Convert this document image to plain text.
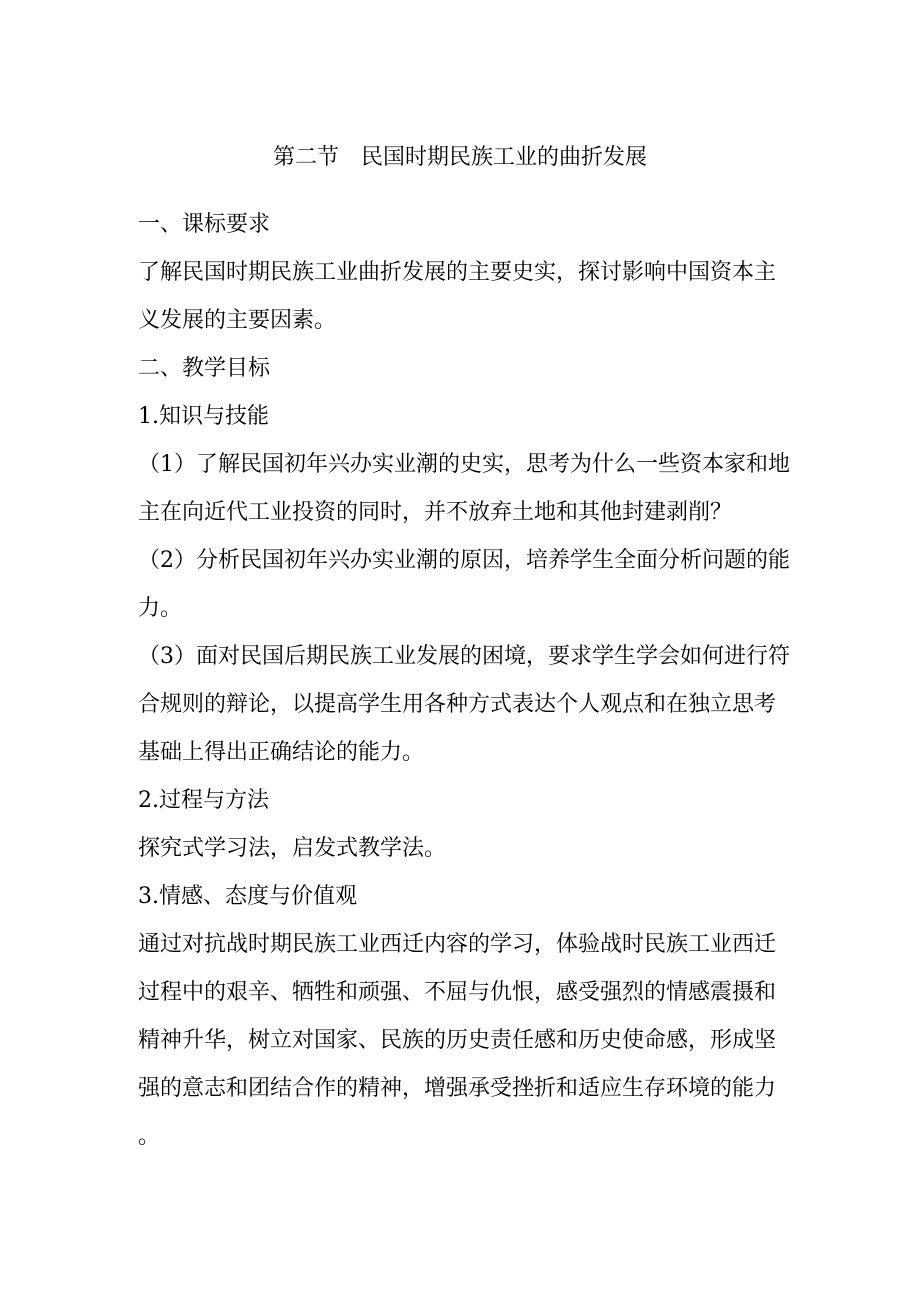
第二节　民国时期民族工业的曲折发展
一、课标要求
了解民国时期民族工业曲折发展的主要史实，探讨影响中国资本主
义发展的主要因素。
二、教学目标
1.知识与技能
（1）了解民国初年兴办实业潮的史实，思考为什么一些资本家和地
主在向近代工业投资的同时，并不放弃土地和其他封建剥削？
（2）分析民国初年兴办实业潮的原因，培养学生全面分析问题的能
力。
（3）面对民国后期民族工业发展的困境，要求学生学会如何进行符
合规则的辩论，以提高学生用各种方式表达个人观点和在独立思考
基础上得出正确结论的能力。
2.过程与方法
探究式学习法，启发式教学法。
3.情感、态度与价值观
通过对抗战时期民族工业西迁内容的学习，体验战时民族工业西迁
过程中的艰辛、牺牲和顽强、不屈与仇恨，感受强烈的情感震摄和
精神升华，树立对国家、民族的历史责任感和历史使命感，形成坚
强的意志和团结合作的精神，增强承受挫折和适应生存环境的能力
。
